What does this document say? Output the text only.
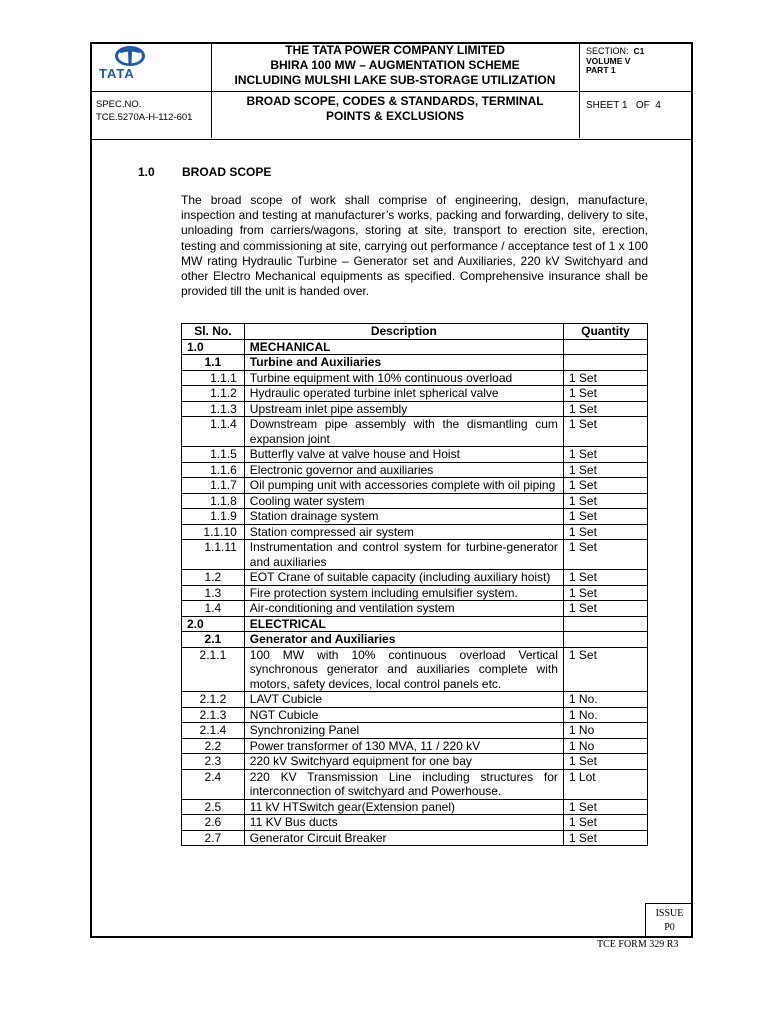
TATA
SPEC.NO.
TCE.5270A-H-112-601
THE TATA POWER COMPANY LIMITED
BHIRA 100 MW – AUGMENTATION SCHEME
INCLUDING MULSHI LAKE SUB-STORAGE UTILIZATION
BROAD SCOPE, CODES & STANDARDS, TERMINAL
POINTS & EXCLUSIONS
SECTION: C1
VOLUME V
PART 1
SHEET 1   OF  4
1.0 BROAD SCOPE
The broad scope of work shall comprise of engineering, design, manufacture, inspection and testing at manufacturer’s works, packing and forwarding, delivery to site, unloading from carriers/wagons, storing at site, transport to erection site, erection, testing and commissioning at site, carrying out performance / acceptance test of 1 x 100 MW rating Hydraulic Turbine – Generator set and Auxiliaries, 220 kV Switchyard and other Electro Mechanical equipments as specified. Comprehensive insurance shall be provided till the unit is handed over.
Sl. No.	Description	Quantity
1.0	MECHANICAL	
1.1	Turbine and Auxiliaries	
1.1.1	Turbine equipment with 10% continuous overload	1 Set
1.1.2	Hydraulic operated turbine inlet spherical valve	1 Set
1.1.3	Upstream inlet pipe assembly	1 Set
1.1.4	Downstream pipe assembly with the dismantling cum expansion joint	1 Set
1.1.5	Butterfly valve at valve house and Hoist	1 Set
1.1.6	Electronic governor and auxiliaries	1 Set
1.1.7	Oil pumping unit with accessories complete with oil piping	1 Set
1.1.8	Cooling water system	1 Set
1.1.9	Station drainage system	1 Set
1.1.10	Station compressed air system	1 Set
1.1.11	Instrumentation and control system for turbine-generator and auxiliaries	1 Set
1.2	EOT Crane of suitable capacity (including auxiliary hoist)	1 Set
1.3	Fire protection system including emulsifier system.	1 Set
1.4	Air-conditioning and ventilation system	1 Set
2.0	ELECTRICAL	
2.1	Generator and Auxiliaries	
2.1.1	100 MW with 10% continuous overload Vertical synchronous generator and auxiliaries complete with motors, safety devices, local control panels etc.	1 Set
2.1.2	LAVT Cubicle	1 No.
2.1.3	NGT Cubicle	1 No.
2.1.4	Synchronizing Panel	1 No
2.2	Power transformer of 130 MVA, 11 / 220 kV	1 No
2.3	220 kV Switchyard equipment for one bay	1 Set
2.4	220 KV Transmission Line including structures for interconnection of switchyard and Powerhouse.	1 Lot
2.5	11 kV HTSwitch gear(Extension panel)	1 Set
2.6	11 KV Bus ducts	1 Set
2.7	Generator Circuit Breaker	1 Set
ISSUE
P0
TCE FORM 329 R3
